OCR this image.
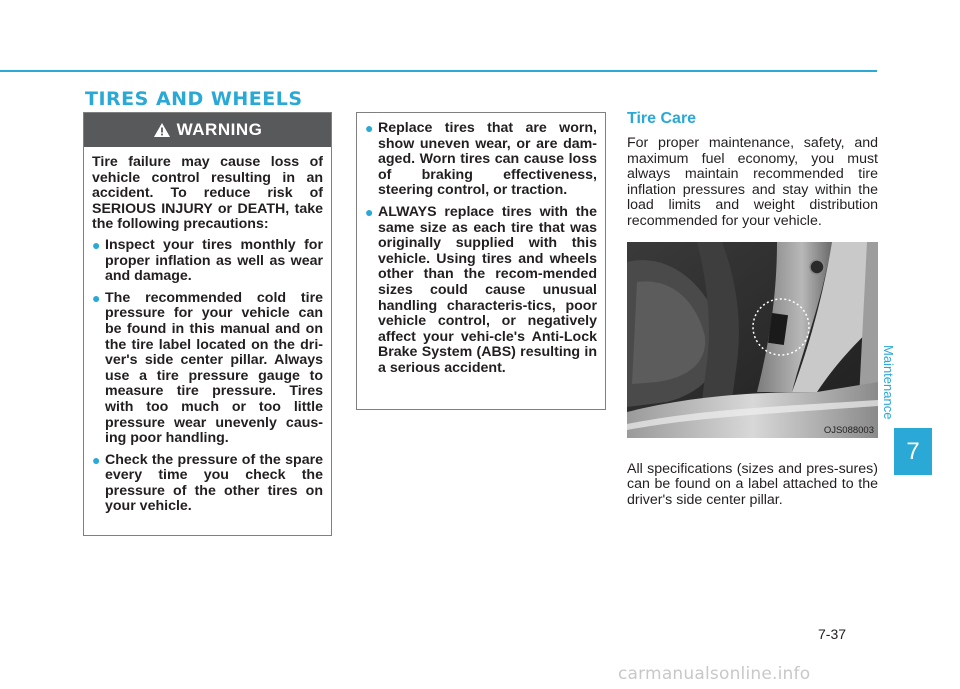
TIRES AND WHEELS
WARNING

Tire failure may cause loss of vehicle control resulting in an accident. To reduce risk of SERIOUS INJURY or DEATH, take the following precautions:

● Inspect your tires monthly for proper inflation as well as wear and damage.
● The recommended cold tire pressure for your vehicle can be found in this manual and on the tire label located on the dri-ver's side center pillar. Always use a tire pressure gauge to measure tire pressure. Tires with too much or too little pressure wear unevenly caus-ing poor handling.
● Check the pressure of the spare every time you check the pressure of the other tires on your vehicle.
● Replace tires that are worn, show uneven wear, or are dam-aged. Worn tires can cause loss of braking effectiveness, steering control, or traction.
● ALWAYS replace tires with the same size as each tire that was originally supplied with this vehicle. Using tires and wheels other than the recom-mended sizes could cause unusual handling characteris-tics, poor vehicle control, or negatively affect your vehi-cle's Anti-Lock Brake System (ABS) resulting in a serious accident.
Tire Care

For proper maintenance, safety, and maximum fuel economy, you must always maintain recommended tire inflation pressures and stay within the load limits and weight distribution recommended for your vehicle.

OJS088003

All specifications (sizes and pres-sures) can be found on a label attached to the driver's side center pillar.

Maintenance
7
7-37
carmanualsonline.info
